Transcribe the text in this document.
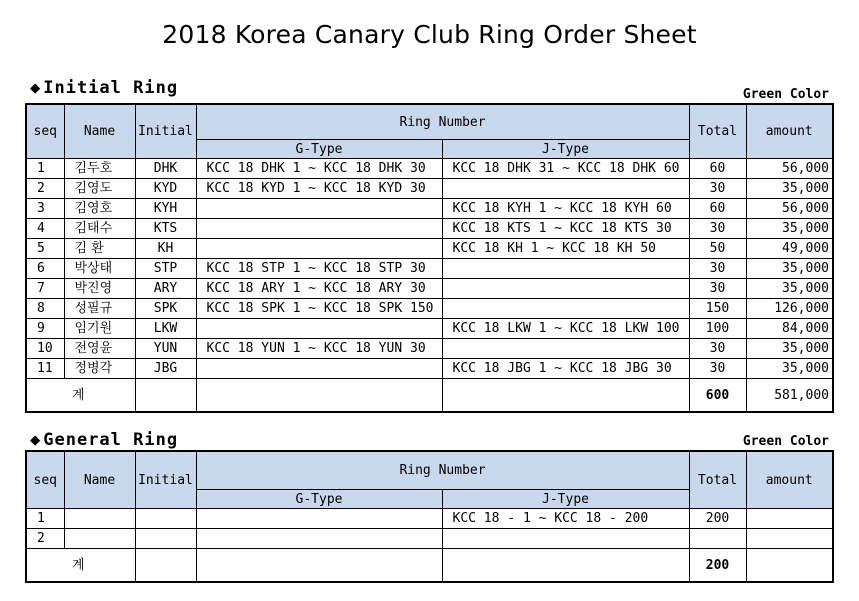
2018 Korea Canary Club Ring Order Sheet
◆ Initial Ring	Green Color
seq	Name	Initial	Ring Number		Total	amount
			G-Type	J-Type		
1	김두호	DHK	KCC 18 DHK 1 ~ KCC 18 DHK 30	KCC 18 DHK 31 ~ KCC 18 DHK 60	60	56,000
2	김영도	KYD	KCC 18 KYD 1 ~ KCC 18 KYD 30		30	35,000
3	김영호	KYH		KCC 18 KYH 1 ~ KCC 18 KYH 60	60	56,000
4	김태수	KTS		KCC 18 KTS 1 ~ KCC 18 KTS 30	30	35,000
5	김 환	KH		KCC 18 KH 1 ~ KCC 18 KH 50	50	49,000
6	박상태	STP	KCC 18 STP 1 ~ KCC 18 STP 30		30	35,000
7	박진영	ARY	KCC 18 ARY 1 ~ KCC 18 ARY 30		30	35,000
8	성필규	SPK	KCC 18 SPK 1 ~ KCC 18 SPK 150		150	126,000
9	임기원	LKW		KCC 18 LKW 1 ~ KCC 18 LKW 100	100	84,000
10	전영윤	YUN	KCC 18 YUN 1 ~ KCC 18 YUN 30		30	35,000
11	정병각	JBG		KCC 18 JBG 1 ~ KCC 18 JBG 30	30	35,000
계					600	581,000
◆ General Ring	Green Color
seq	Name	Initial	Ring Number		Total	amount
			G-Type	J-Type		
1				KCC 18 - 1 ~ KCC 18 - 200	200	
2						
계					200	
